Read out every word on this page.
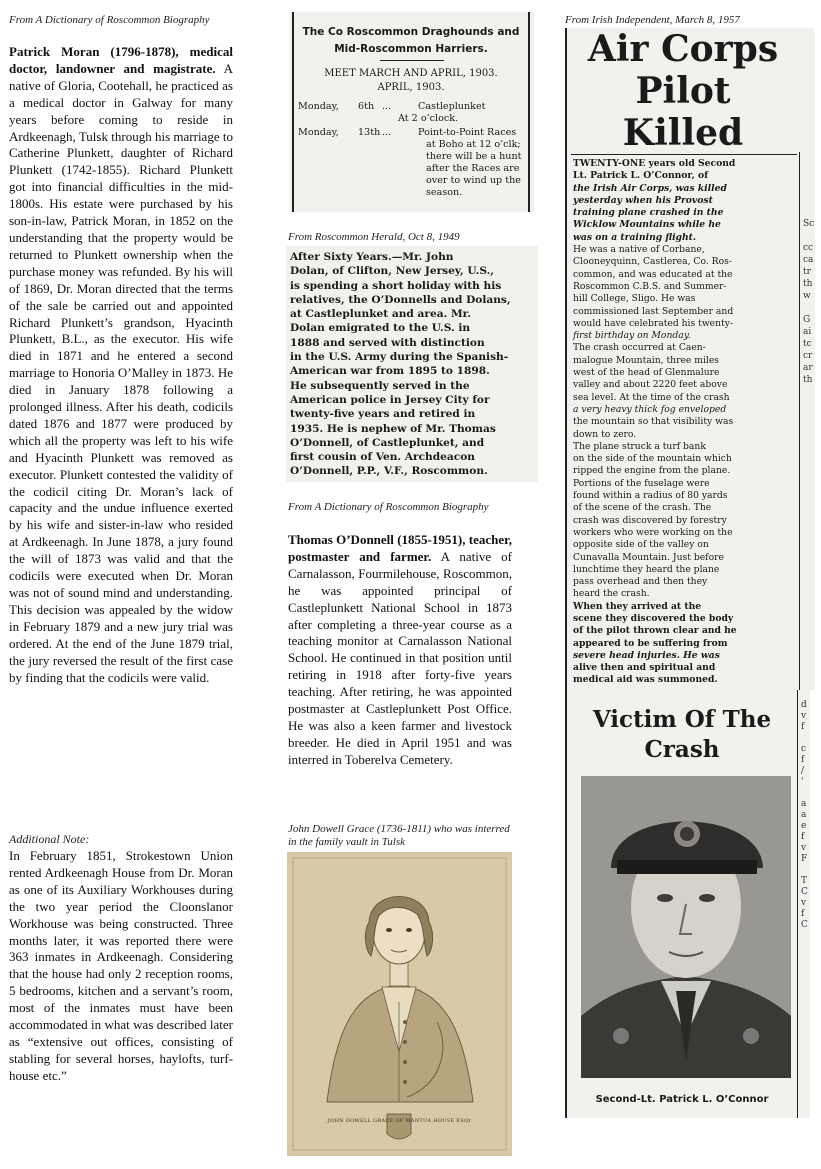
From A Dictionary of Roscommon Biography
Patrick Moran (1796-1878), medical doctor, landowner and magistrate. A native of Gloria, Cootehall, he practiced as a medical doctor in Galway for many years before coming to reside in Ardkeenagh, Tulsk through his marriage to Catherine Plunkett, daughter of Richard Plunkett (1742-1855). Richard Plunkett got into financial difficulties in the mid-1800s. His estate were purchased by his son-in-law, Patrick Moran, in 1852 on the understanding that the property would be returned to Plunkett ownership when the purchase money was refunded. By his will of 1869, Dr. Moran directed that the terms of the sale be carried out and appointed Richard Plunkett’s grandson, Hyacinth Plunkett, B.L., as the executor. His wife died in 1871 and he entered a second marriage to Honoria O’Malley in 1873. He died in January 1878 following a prolonged illness. After his death, codicils dated 1876 and 1877 were produced by which all the property was left to his wife and Hyacinth Plunkett was removed as executor. Plunkett contested the validity of the codicil citing Dr. Moran’s lack of capacity and the undue influence exerted by his wife and sister-in-law who resided at Ardkeenagh. In June 1878, a jury found the will of 1873 was valid and that the codicils were executed when Dr. Moran was not of sound mind and understanding. This decision was appealed by the widow in February 1879 and a new jury trial was ordered. At the end of the June 1879 trial, the jury reversed the result of the first case by finding that the codicils were valid.
Additional Note:
In February 1851, Strokestown Union rented Ardkeenagh House from Dr. Moran as one of its Auxiliary Workhouses during the two year period the Cloonslanor Workhouse was being constructed. Three months later, it was reported there were 363 inmates in Ardkeenagh. Considering that the house had only 2 reception rooms, 5 bedrooms, kitchen and a servant’s room, most of the inmates must have been accommodated in what was described later as “extensive out offices, consisting of stabling for several horses, haylofts, turf-house etc.”
The Co Roscommon Draghounds and
Mid-Roscommon Harriers.
MEET MARCH AND APRIL, 1903.
APRIL, 1903.
Monday, 6th ...	Castleplunket
At 2 o’clock.
Monday, 13th ...	Point-to-Point Races
at Boho at 12 o’clk;
there will be a hunt
after the Races are
over to wind up the
season.
From Roscommon Herald, Oct 8, 1949
After Sixty Years.—Mr. John
Dolan, of Clifton, New Jersey, U.S.,
is spending a short holiday with his
relatives, the O’Donnells and Dolans,
at Castleplunket and area. Mr.
Dolan emigrated to the U.S. in
1888 and served with distinction
in the U.S. Army during the Spanish-
American war from 1895 to 1898.
He subsequently served in the
American police in Jersey City for
twenty-five years and retired in
1935. He is nephew of Mr. Thomas
O’Donnell, of Castleplunket, and
first cousin of Ven. Archdeacon
O’Donnell, P.P., V.F., Roscommon.
From A Dictionary of Roscommon Biography
Thomas O’Donnell (1855-1951), teacher, postmaster and farmer. A native of Carnalasson, Fourmilehouse, Roscommon, he was appointed principal of Castleplunkett National School in 1873 after completing a three-year course as a teaching monitor at Carnalasson National School. He continued in that position until retiring in 1918 after forty-five years teaching. After retiring, he was appointed postmaster at Castleplunkett Post Office. He was also a keen farmer and livestock breeder. He died in April 1951 and was interred in Toberelva Cemetery.
John Dowell Grace (1736-1811) who was interred in the family vault in Tulsk
JOHN DOWELL GRACE OF MANTUA HOUSE ESQr
From Irish Independent, March 8, 1957
Air Corps
Pilot
Killed
TWENTY-ONE years old Second
Lt. Patrick L. O’Connor, of
the Irish Air Corps, was killed
yesterday when his Provost
training plane crashed in the
Wicklow Mountains while he
was on a training flight.
He was a native of Corbane,
Clooneyquinn, Castlerea, Co. Ros-
common, and was educated at the
Roscommon C.B.S. and Summer-
hill College, Sligo. He was
commissioned last September and
would have celebrated his twenty-
first birthday on Monday.
The crash occurred at Caen-
malogue Mountain, three miles
west of the head of Glenmalure
valley and about 2220 feet above
sea level. At the time of the crash
a very heavy thick fog enveloped
the mountain so that visibility was
down to zero.
The plane struck a turf bank
on the side of the mountain which
ripped the engine from the plane.
Portions of the fuselage were
found within a radius of 80 yards
of the scene of the crash. The
crash was discovered by forestry
workers who were working on the
opposite side of the valley on
Cunavalla Mountain. Just before
lunchtime they heard the plane
pass overhead and then they
heard the crash.
When they arrived at the
scene they discovered the body
of the pilot thrown clear and he
appeared to be suffering from
severe head injuries. He was
alive then and spiritual and
medical aid was summoned.
Sc

cc
ca
tr
th
w

G
ai
tc
cr
ar
th
Victim Of The
Crash
Second-Lt. Patrick L. O’Connor
d
v
f

c
f
/
'

a
a
e
f
v
F

T
C
v
f
C
